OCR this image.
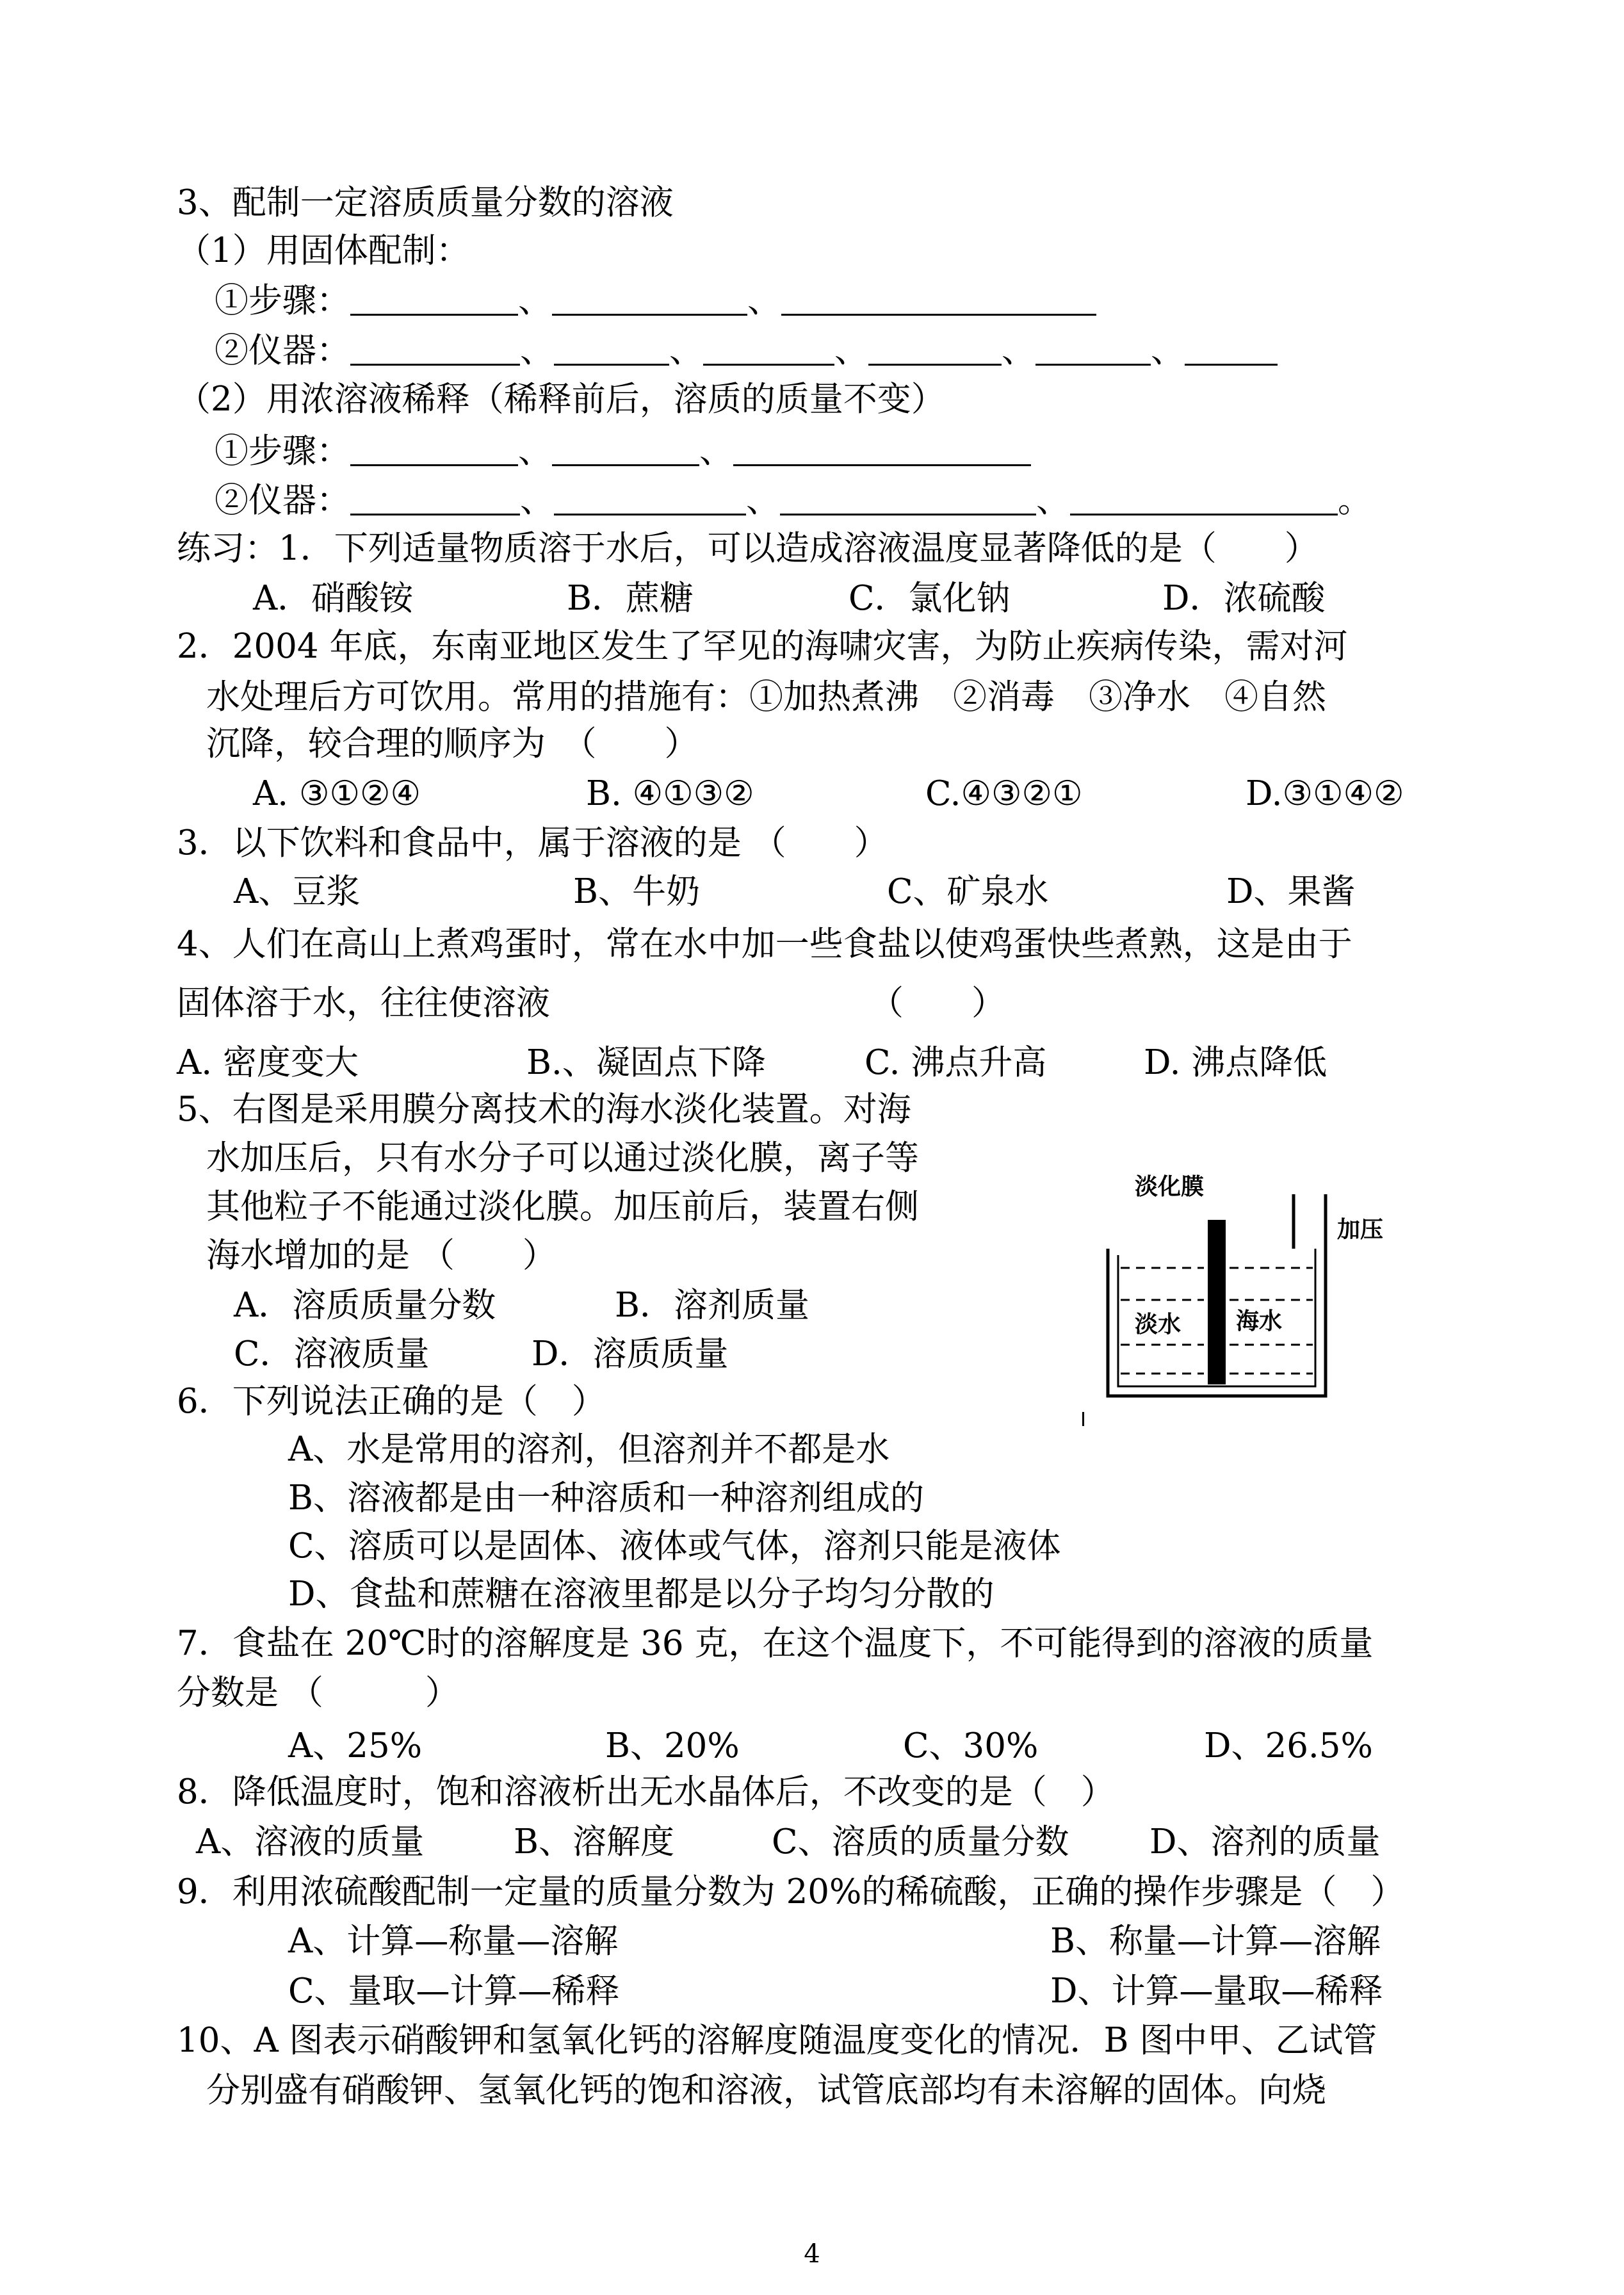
3、配制一定溶质质量分数的溶液
（1）用固体配制：
①步骤：	、	、
②仪器：	、	、	、	、	、
（2）用浓溶液稀释（稀释前后，溶质的质量不变）
①步骤：	、	、
②仪器：	、	、	、	。
练习：1．下列适量物质溶于水后，可以造成溶液温度显著降低的是（　　）
A．硝酸铵	B．蔗糖	C．氯化钠	D．浓硫酸
2．2004 年底，东南亚地区发生了罕见的海啸灾害，为防止疾病传染，需对河
水处理后方可饮用。常用的措施有：①加热煮沸　②消毒　③净水　④自然
沉降，较合理的顺序为　（　　）
A. ③①②④	B. ④①③②	C.④③②①	D.③①④②
3．以下饮料和食品中，属于溶液的是 （　　）
A、豆浆	B、牛奶	C、矿泉水	D、果酱
4、人们在高山上煮鸡蛋时，常在水中加一些食盐以使鸡蛋快些煮熟，这是由于
固体溶于水，往往使溶液	（　　）
A. 密度变大	B.、凝固点下降	C. 沸点升高	D. 沸点降低
5、右图是采用膜分离技术的海水淡化装置。对海
水加压后，只有水分子可以通过淡化膜，离子等
其他粒子不能通过淡化膜。加压前后，装置右侧
海水增加的是 （　　）
A．溶质质量分数	B．溶剂质量
C．溶液质量	D．溶质质量
淡化膜
加压
淡水 海水
6．下列说法正确的是（　）
A、水是常用的溶剂，但溶剂并不都是水
B、溶液都是由一种溶质和一种溶剂组成的
C、溶质可以是固体、液体或气体，溶剂只能是液体
D、食盐和蔗糖在溶液里都是以分子均匀分散的
7．食盐在 20℃时的溶解度是 36 克，在这个温度下，不可能得到的溶液的质量
分数是 （　　　）
A、25%	B、20%	C、30%	D、26.5%
8．降低温度时，饱和溶液析出无水晶体后，不改变的是（　）
A、溶液的质量	B、溶解度	C、溶质的质量分数 D、溶剂的质量
9．利用浓硫酸配制一定量的质量分数为 20%的稀硫酸，正确的操作步骤是（　）
A、计算—称量—溶解	B、称量—计算—溶解
C、量取—计算—稀释	D、计算—量取—稀释
10、A 图表示硝酸钾和氢氧化钙的溶解度随温度变化的情况．B 图中甲、乙试管
分别盛有硝酸钾、氢氧化钙的饱和溶液，试管底部均有未溶解的固体。向烧
4
